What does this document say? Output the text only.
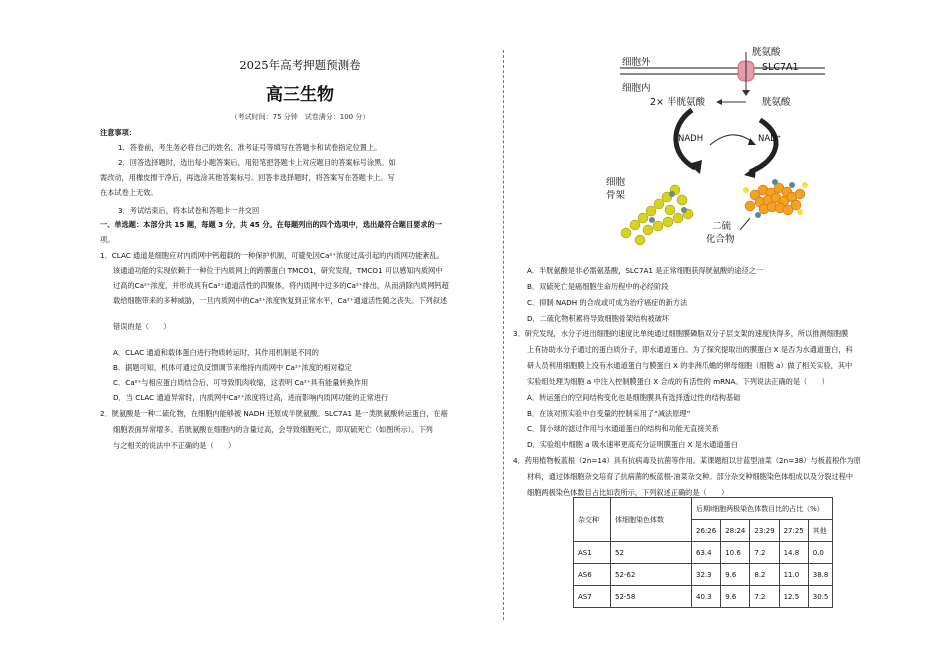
2025年高考押题预测卷
高三生物
（考试时间：75 分钟　试卷满分：100 分）
注意事项：
1．答卷前，考生务必将自己的姓名、准考证号等填写在答题卡和试卷指定位置上。
2．回答选择题时，选出每小题答案后，用铅笔把答题卡上对应题目的答案标号涂黑。如
需改动，用橡皮擦干净后，再选涂其他答案标号。回答非选择题时，将答案写在答题卡上。写
在本试卷上无效。
3．考试结束后，将本试卷和答题卡一并交回
一、单选题：本部分共 15 题，每题 3 分，共 45 分。在每题列出的四个选项中，选出最符合题目要求的一
项。
1．CLAC 通道是细胞应对内质网中钙超载的一种保护机制，可避免因Ca²⁺浓度过高引起的内质网功能紊乱。
该通道功能的实现依赖于一种位于内质网上的跨膜蛋白 TMCO1，研究发现，TMCO1 可以感知内质网中
过高的Ca²⁺浓度，并形成具有Ca²⁺通道活性的四聚体，将内质网中过多的Ca²⁺排出，从而消除内质网钙超
载给细胞带来的多种威胁，一旦内质网中的Ca²⁺浓度恢复到正常水平，Ca²⁺通道活性随之丧失。下列叙述
错误的是（　　）
A．CLAC 通道和载体蛋白进行物质转运时，其作用机制是不同的
B．据题可知，机体可通过负反馈调节来维持内质网中 Ca²⁺浓度的相对稳定
C．Ca²⁺与相应蛋白质结合后，可导致肌肉收缩，这表明 Ca²⁺具有能量转换作用
D．当 CLAC 通道异常时，内质网中Ca²⁺浓度将过高，进而影响内质网功能的正常进行
2．胱氨酸是一种二硫化物，在细胞内能够被 NADH 还原成半胱氨酸。SLC7A1 是一类胱氨酸转运蛋白，在癌
细胞表面异常增多。若胱氨酸在细胞内的含量过高，会导致细胞死亡，即双硫死亡（如图所示）。下列
与之相关的说法中不正确的是（　　）
细胞外
细胞内
胱氨酸
SLC7A1
胱氨酸
2× 半胱氨酸
NADH	NAD⁺
细胞
骨架
二硫
化合物
A．半胱氨酸是非必需氨基酸，SLC7A1 是正常细胞获得胱氨酸的途径之一
B．双硫死亡是癌细胞生命历程中的必经阶段
C．抑制 NADH 的合成或可成为治疗癌症的新方法
D．二硫化物积累将导致细胞骨架结构被破坏
3．研究发现，水分子进出细胞的速度比单纯通过细胞膜磷脂双分子层支架的速度快得多，所以推测细胞膜
上有协助水分子通过的蛋白质分子，即水通道蛋白。为了探究提取出的膜蛋白 X 是否为水通道蛋白，科
研人员利用细胞膜上没有水通道蛋白与膜蛋白 X 的非洲爪蟾的卵母细胞（细胞 a）做了相关实验，其中
实验组处理为细胞 a 中注入控制膜蛋白 X 合成的有活性的 mRNA。下列说法正确的是（　　）
A．转运蛋白的空间结构变化也是细胞膜具有选择透过性的结构基础
B．在该对照实验中自变量的控制采用了“减法原理”
C．肾小球的滤过作用与水通道蛋白的结构和功能无直接关系
D．实验组中细胞 a 吸水速率更高充分证明膜蛋白 X 是水通道蛋白
4．药用植物板蓝根（2n=14）具有抗病毒及抗菌等作用。某课题组以甘蓝型油菜（2n=38）与板蓝根作为原
材料，通过体细胞杂交培育了抗病菌的板蓝根-油菜杂交种。部分杂交种细胞染色体组成以及分裂过程中
细胞两极染色体数目占比如表所示，下列叙述正确的是（　　）
杂交种	体细胞染色体数	后期Ⅰ细胞两极染色体数目比的占比（%）				
		26:26	28:24	23:29	27:25	其他
AS1	52	63.4	10.6	7.2	14.8	0.0
AS6	52-62	32.3	9.6	8.2	11.0	38.8
AS7	52-58	40.3	9.6	7.2	12.5	30.5
